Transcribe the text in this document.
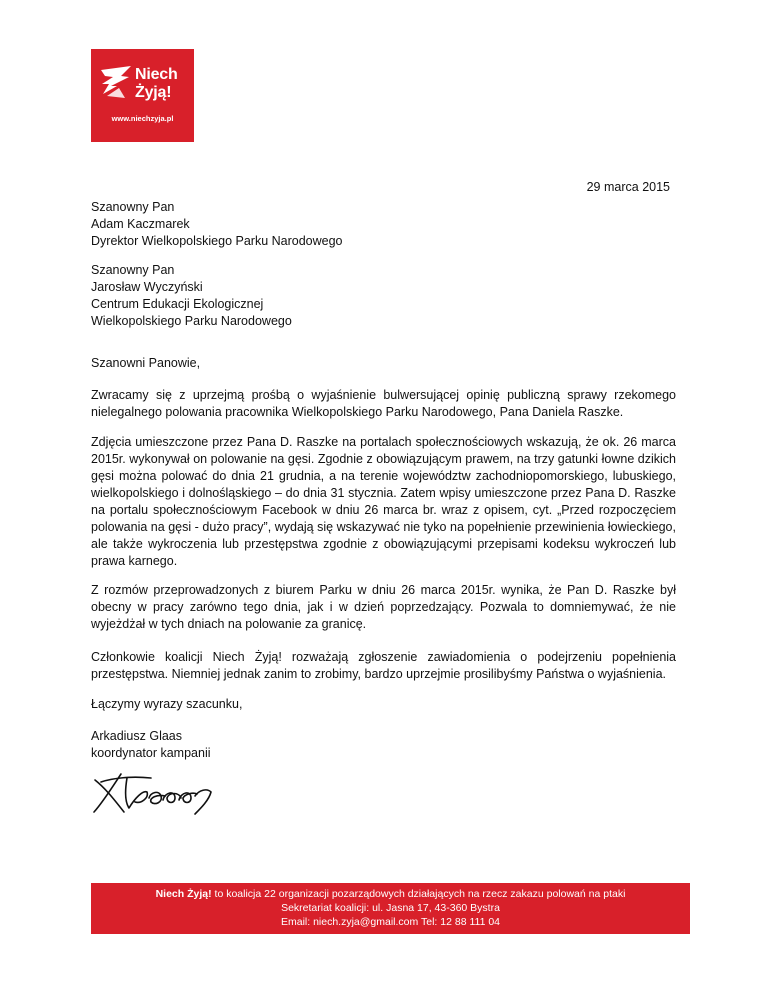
Niech
Żyją!
www.niechzyja.pl
29 marca 2015

Szanowny Pan

Adam Kaczmarek

Dyrektor Wielkopolskiego Parku Narodowego

Szanowny Pan

Jarosław Wyczyński

Centrum Edukacji Ekologicznej

Wielkopolskiego Parku Narodowego

Szanowni Panowie,
Zwracamy się z uprzejmą prośbą o wyjaśnienie bulwersującej opinię publiczną sprawy rzekomego nielegalnego polowania pracownika Wielkopolskiego Parku Narodowego, Pana Daniela Raszke.
Zdjęcia umieszczone przez Pana D. Raszke na portalach społecznościowych wskazują, że ok. 26 marca 2015r. wykonywał on polowanie na gęsi. Zgodnie z obowiązującym prawem, na trzy gatunki łowne dzikich gęsi można polować do dnia 21 grudnia, a na terenie województw zachodniopomorskiego, lubuskiego, wielkopolskiego i dolnośląskiego – do dnia 31 stycznia. Zatem wpisy umieszczone przez Pana D. Raszke na portalu społecznościowym Facebook w dniu 26 marca br. wraz z opisem, cyt. „Przed rozpoczęciem polowania na gęsi - dużo pracy”, wydają się wskazywać nie tyko na popełnienie przewinienia łowieckiego, ale także wykroczenia lub przestępstwa zgodnie z obowiązującymi przepisami kodeksu wykroczeń lub prawa karnego.
Z rozmów przeprowadzonych z biurem Parku w dniu 26 marca 2015r. wynika, że Pan D. Raszke był obecny w pracy zarówno tego dnia, jak i w dzień poprzedzający. Pozwala to domniemywać, że nie wyjeżdżał w tych dniach na polowanie za granicę.
Członkowie koalicji Niech Żyją! rozważają zgłoszenie zawiadomienia o podejrzeniu popełnienia przestępstwa. Niemniej jednak zanim to zrobimy, bardzo uprzejmie prosilibyśmy Państwa o wyjaśnienia.
Łączymy wyrazy szacunku,

Arkadiusz Glaas

koordynator kampanii

Niech Żyją! to koalicja 22 organizacji pozarządowych działających na rzecz zakazu polowań na ptaki
Sekretariat koalicji: ul. Jasna 17, 43-360 Bystra
Email: niech.zyja@gmail.com Tel: 12 88 111 04
